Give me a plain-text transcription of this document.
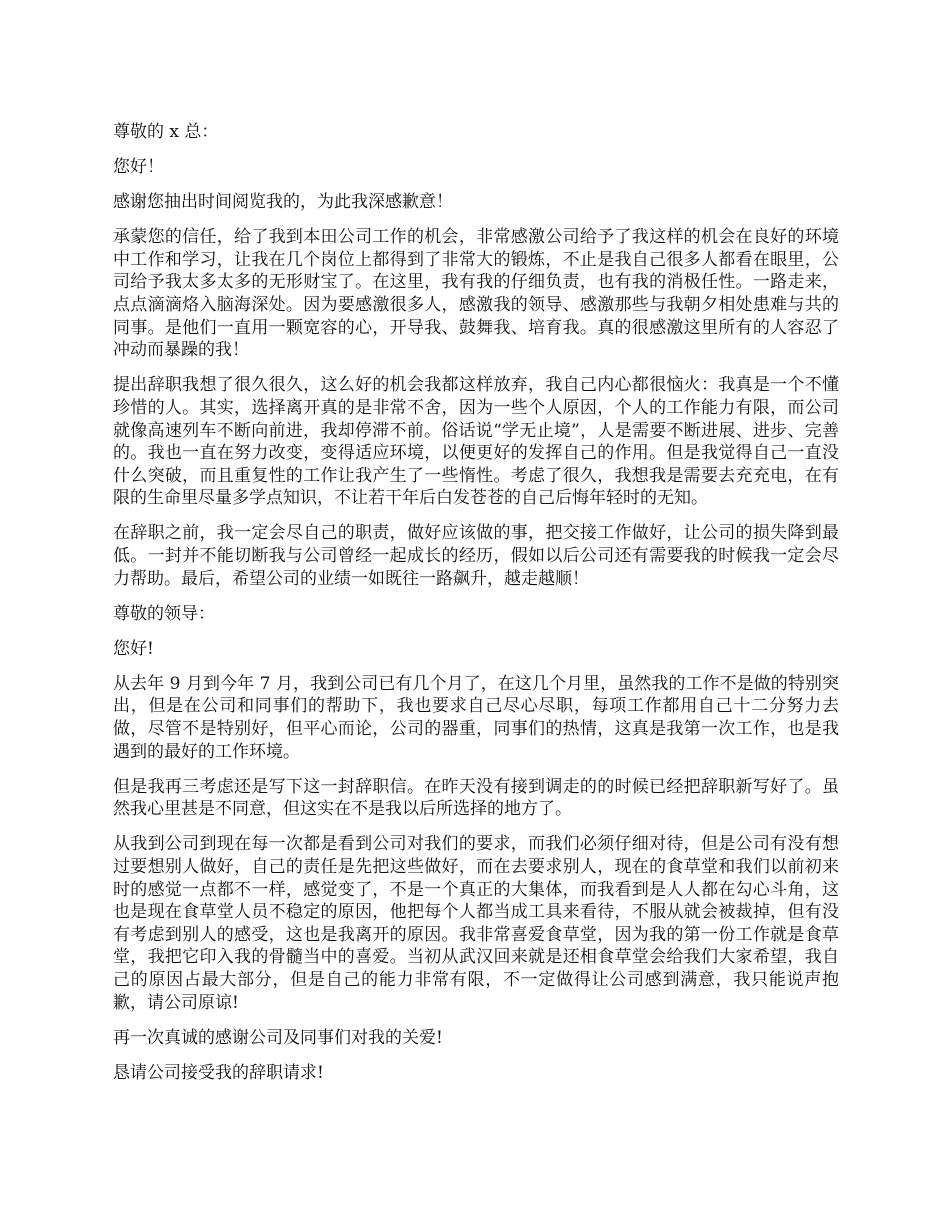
尊敬的 x 总：

您好！

感谢您抽出时间阅览我的，为此我深感歉意！

承蒙您的信任，给了我到本田公司工作的机会，非常感激公司给予了我这样的机会在良好的环境中工作和学习，让我在几个岗位上都得到了非常大的锻炼，不止是我自己很多人都看在眼里，公司给予我太多太多的无形财宝了。在这里，我有我的仔细负责，也有我的消极任性。一路走来，点点滴滴烙入脑海深处。因为要感激很多人，感激我的领导、感激那些与我朝夕相处患难与共的同事。是他们一直用一颗宽容的心，开导我、鼓舞我、培育我。真的很感激这里所有的人容忍了冲动而暴躁的我！

提出辞职我想了很久很久，这么好的机会我都这样放弃，我自己内心都很恼火：我真是一个不懂珍惜的人。其实，选择离开真的是非常不舍，因为一些个人原因，个人的工作能力有限，而公司就像高速列车不断向前进，我却停滞不前。俗话说“学无止境”，人是需要不断进展、进步、完善的。我也一直在努力改变，变得适应环境，以便更好的发挥自己的作用。但是我觉得自己一直没什么突破，而且重复性的工作让我产生了一些惰性。考虑了很久，我想我是需要去充充电，在有限的生命里尽量多学点知识，不让若干年后白发苍苍的自己后悔年轻时的无知。

在辞职之前，我一定会尽自己的职责，做好应该做的事，把交接工作做好，让公司的损失降到最低。一封并不能切断我与公司曾经一起成长的经历，假如以后公司还有需要我的时候我一定会尽力帮助。最后，希望公司的业绩一如既往一路飙升，越走越顺！

尊敬的领导：

您好!

从去年 9 月到今年 7 月，我到公司已有几个月了，在这几个月里，虽然我的工作不是做的特别突出，但是在公司和同事们的帮助下，我也要求自己尽心尽职，每项工作都用自己十二分努力去做，尽管不是特别好，但平心而论，公司的器重，同事们的热情，这真是我第一次工作，也是我遇到的最好的工作环境。

但是我再三考虑还是写下这一封辞职信。在昨天没有接到调走的的时候已经把辞职新写好了。虽然我心里甚是不同意，但这实在不是我以后所选择的地方了。

从我到公司到现在每一次都是看到公司对我们的要求，而我们必须仔细对待，但是公司有没有想过要想别人做好，自己的责任是先把这些做好，而在去要求别人，现在的食草堂和我们以前初来时的感觉一点都不一样，感觉变了，不是一个真正的大集体，而我看到是人人都在勾心斗角，这也是现在食草堂人员不稳定的原因，他把每个人都当成工具来看待，不服从就会被裁掉，但有没有考虑到别人的感受，这也是我离开的原因。我非常喜爱食草堂，因为我的第一份工作就是食草堂，我把它印入我的骨髓当中的喜爱。当初从武汉回来就是还相食草堂会给我们大家希望，我自己的原因占最大部分，但是自己的能力非常有限，不一定做得让公司感到满意，我只能说声抱歉，请公司原谅!

再一次真诚的感谢公司及同事们对我的关爱!

恳请公司接受我的辞职请求!
